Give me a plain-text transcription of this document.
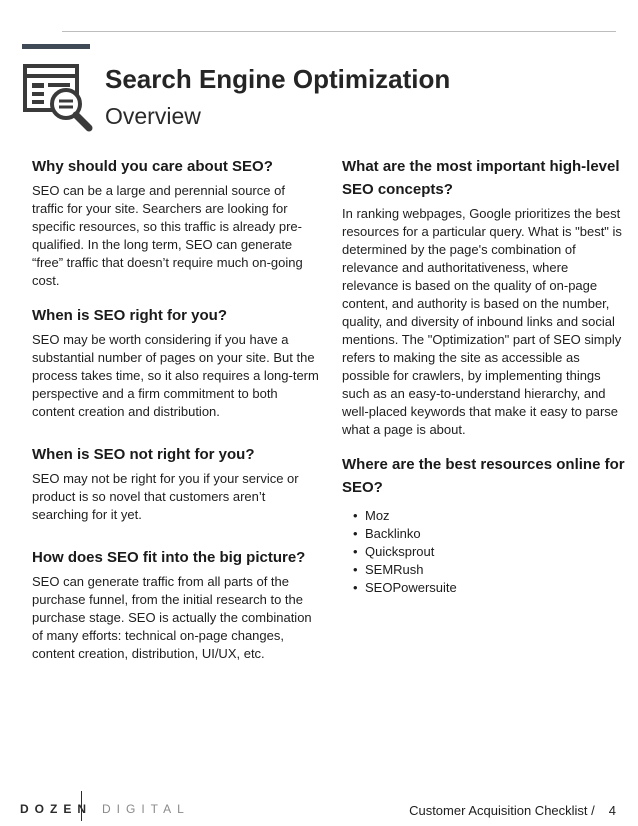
Search Engine Optimization
Overview

Why should you care about SEO?

SEO can be a large and perennial source of traffic for your site. Searchers are looking for specific resources, so this traffic is already pre-qualified. In the long term, SEO can generate “free” traffic that doesn’t require much on-going cost.

When is SEO right for you?

SEO may be worth considering if you have a substantial number of pages on your site. But the process takes time, so it also requires a long-term perspective and a firm commitment to both content creation and distribution.

When is SEO not right for you?

SEO may not be right for you if your service or product is so novel that customers aren’t searching for it yet.

How does SEO fit into the big picture?

SEO can generate traffic from all parts of the purchase funnel, from the initial research to the purchase stage. SEO is actually the combination of many efforts: technical on-page changes, content creation, distribution, UI/UX, etc.

What are the most important high-level SEO concepts?

In ranking webpages, Google prioritizes the best resources for a particular query. What is "best" is determined by the page's combination of relevance and authoritativeness, where relevance is based on the quality of on-page content, and authority is based on the number, quality, and diversity of inbound links and social mentions. The "Optimization" part of SEO simply refers to making the site as accessible as possible for crawlers, by implementing things such as an easy-to-understand hierarchy, and well-placed keywords that make it easy to parse what a page is about.

Where are the best resources online for SEO?

• Moz
• Backlinko
• Quicksprout
• SEMRush
• SEOPowersuite
DOZEN DIGITAL	Customer Acquisition Checklist / 4
